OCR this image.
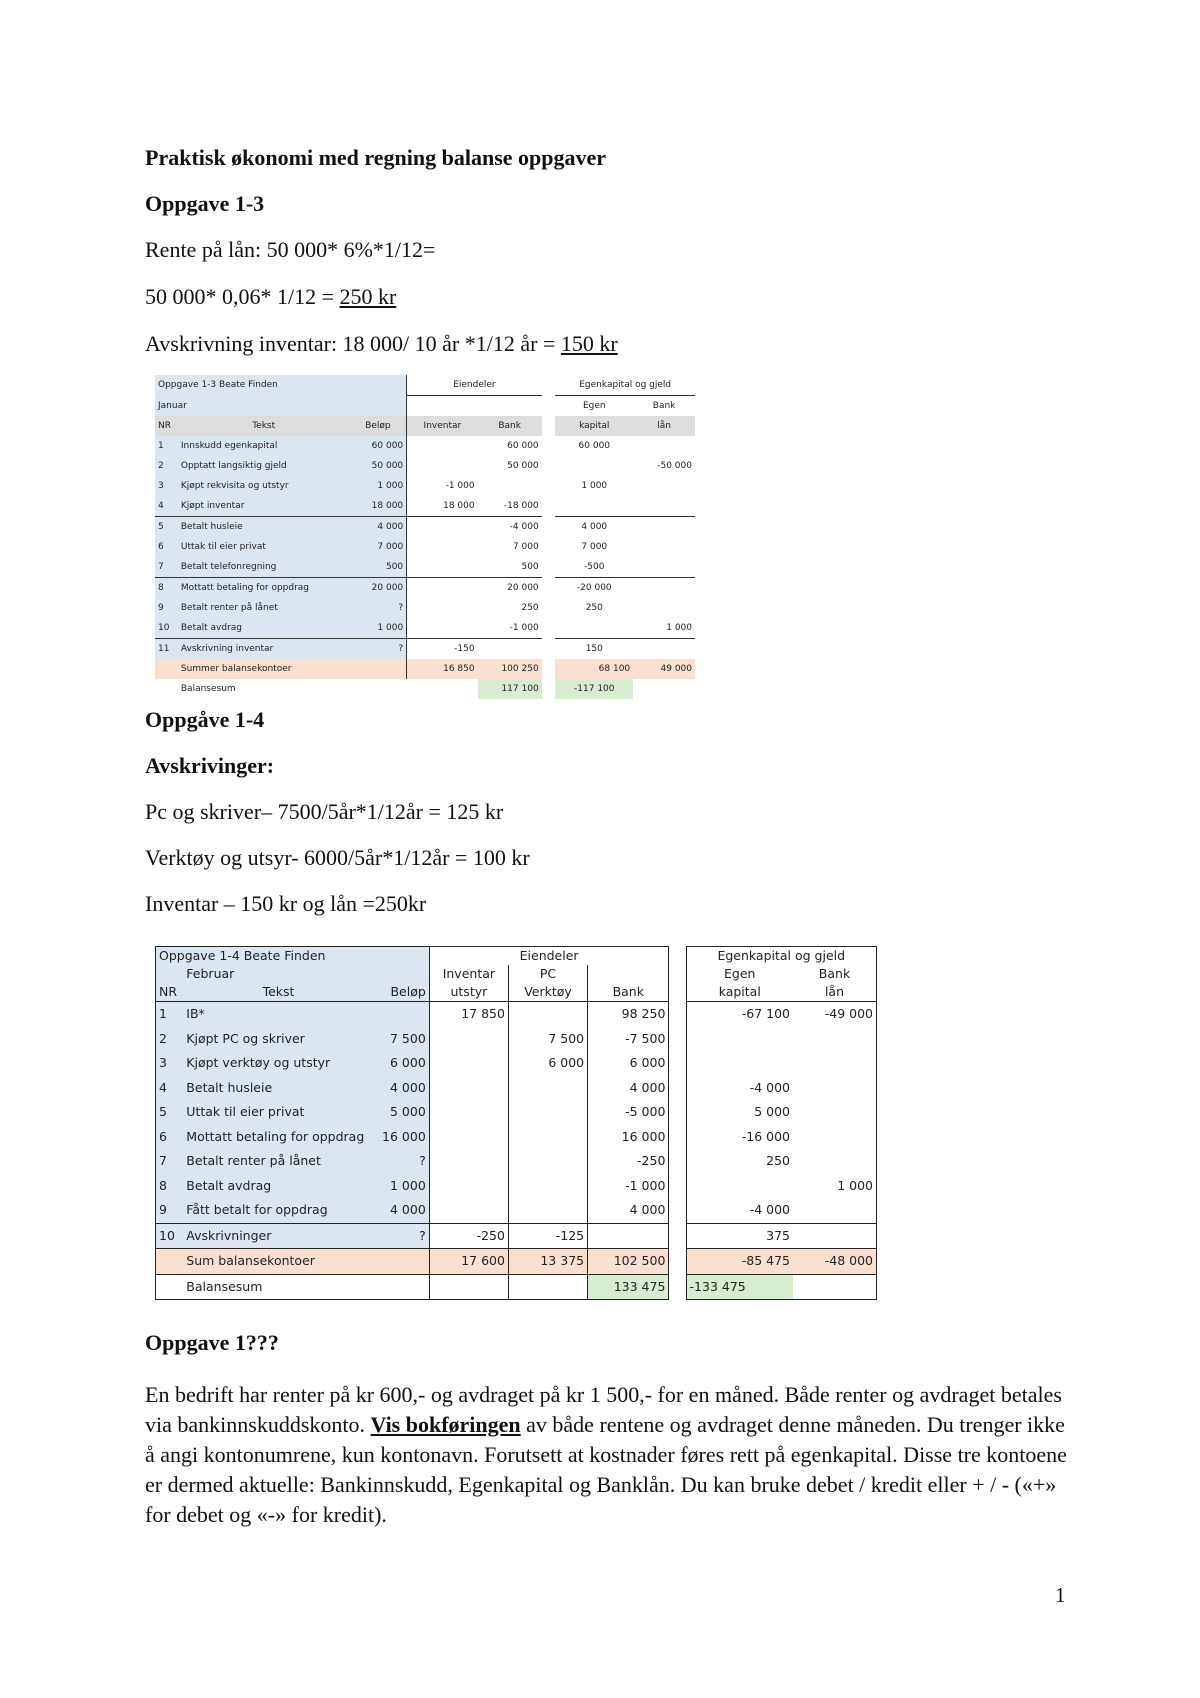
Praktisk økonomi med regning balanse oppgaver

Oppgave 1-3

Rente på lån: 50 000* 6%*1/12=

50 000* 0,06* 1/12 = 250 kr

Avskrivning inventar: 18 000/ 10 år *1/12 år = 150 kr

Oppgave 1-3 Beate Finden			Eiendeler			Egenkapital og gjeld	
Januar						Egen	Bank
NR	Tekst	Beløp	Inventar	Bank		kapital	lån
1	Innskudd egenkapital	60 000		60 000		60 000	
2	Opptatt langsiktig gjeld	50 000		50 000			-50 000
3	Kjøpt rekvisita og utstyr	1 000	-1 000			1 000	
4	Kjøpt inventar	18 000	18 000	-18 000			
5	Betalt husleie	4 000		-4 000		4 000	
6	Uttak til eier privat	7 000		7 000		7 000	
7	Betalt telefonregning	500		500		-500	
8	Mottatt betaling for oppdrag	20 000		20 000		-20 000	
9	Betalt renter på lånet	?		250		250	
10	Betalt avdrag	1 000		-1 000			1 000
11	Avskrivning inventar	?	-150			150	
	Summer balansekontoer		16 850	100 250		68 100	49 000
	Balansesum			117 100		-117 100	

Oppgåve 1-4

Avskrivinger:

Pc og skriver– 7500/5år*1/12år = 125 kr

Verktøy og utsyr- 6000/5år*1/12år = 100 kr

Inventar – 150 kr og lån =250kr

Oppgave 1-4 Beate Finden			Eiendeler				Egenkapital og gjeld	
	Februar		Inventar	PC			Egen	Bank
NR	Tekst	Beløp	utstyr	Verktøy	Bank		kapital	lån
1	IB*		17 850		98 250		-67 100	-49 000
2	Kjøpt PC og skriver	7 500		7 500	-7 500			
3	Kjøpt verktøy og utstyr	6 000		6 000	6 000			
4	Betalt husleie	4 000			4 000		-4 000	
5	Uttak til eier privat	5 000			-5 000		5 000	
6	Mottatt betaling for oppdrag	16 000			16 000		-16 000	
7	Betalt renter på lånet	?			-250		250	
8	Betalt avdrag	1 000			-1 000			1 000
9	Fått betalt for oppdrag	4 000			4 000		-4 000	
10	Avskrivninger	?	-250	-125			375	
	Sum balansekontoer		17 600	13 375	102 500		-85 475	-48 000
	Balansesum				133 475		-133 475	

Oppgave 1???

En bedrift har renter på kr 600,- og avdraget på kr 1 500,- for en måned. Både renter og avdraget betales via bankinnskuddskonto. Vis bokføringen av både rentene og avdraget denne måneden. Du trenger ikke å angi kontonumrene, kun kontonavn. Forutsett at kostnader føres rett på egenkapital. Disse tre kontoene er dermed aktuelle: Bankinnskudd, Egenkapital og Banklån. Du kan bruke debet / kredit eller + / - («+» for debet og «-» for kredit).

1
